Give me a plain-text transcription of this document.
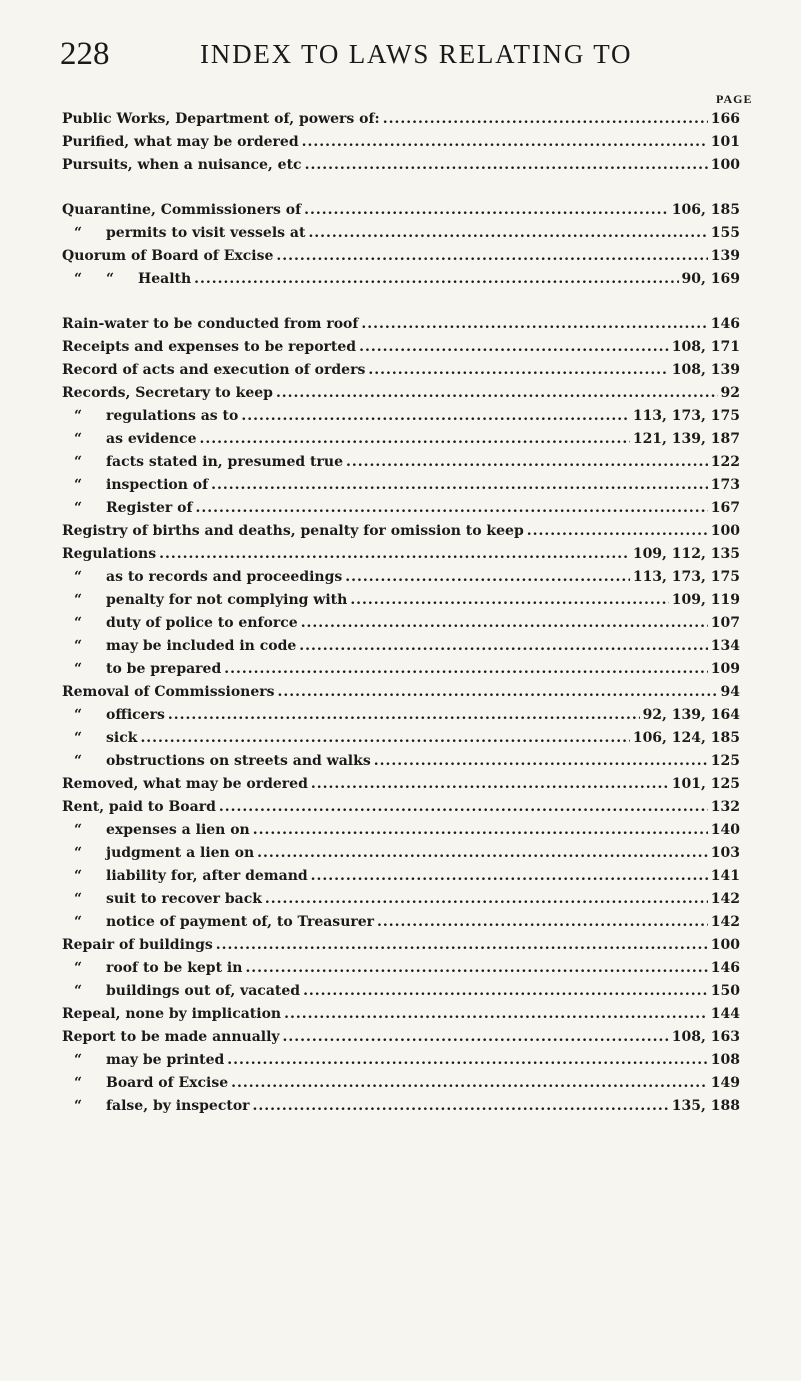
228	INDEX TO LAWS RELATING TO
PAGE
Public Works, Department of, powers of: .....	166
Purified, what may be ordered .....	101
Pursuits, when a nuisance, etc .....	100
Quarantine, Commissioners of .....	106, 185
“ permits to visit vessels at .....	155
Quorum of Board of Excise .....	139
“ “ Health .....	90, 169
Rain-water to be conducted from roof .....	146
Receipts and expenses to be reported .....	108, 171
Record of acts and execution of orders .....	108, 139
Records, Secretary to keep .....	92
“ regulations as to .....	113, 173, 175
“ as evidence .....	121, 139, 187
“ facts stated in, presumed true .....	122
“ inspection of .....	173
“ Register of .....	167
Registry of births and deaths, penalty for omission to keep .....	100
Regulations .....	109, 112, 135
“ as to records and proceedings .....	113, 173, 175
“ penalty for not complying with .....	109, 119
“ duty of police to enforce .....	107
“ may be included in code .....	134
“ to be prepared .....	109
Removal of Commissioners .....	94
“ officers .....	92, 139, 164
“ sick .....	106, 124, 185
“ obstructions on streets and walks .....	125
Removed, what may be ordered .....	101, 125
Rent, paid to Board .....	132
“ expenses a lien on .....	140
“ judgment a lien on .....	103
“ liability for, after demand .....	141
“ suit to recover back .....	142
“ notice of payment of, to Treasurer .....	142
Repair of buildings .....	100
“ roof to be kept in .....	146
“ buildings out of, vacated .....	150
Repeal, none by implication .....	144
Report to be made annually .....	108, 163
“ may be printed .....	108
“ Board of Excise .....	149
“ false, by inspector .....	135, 188
